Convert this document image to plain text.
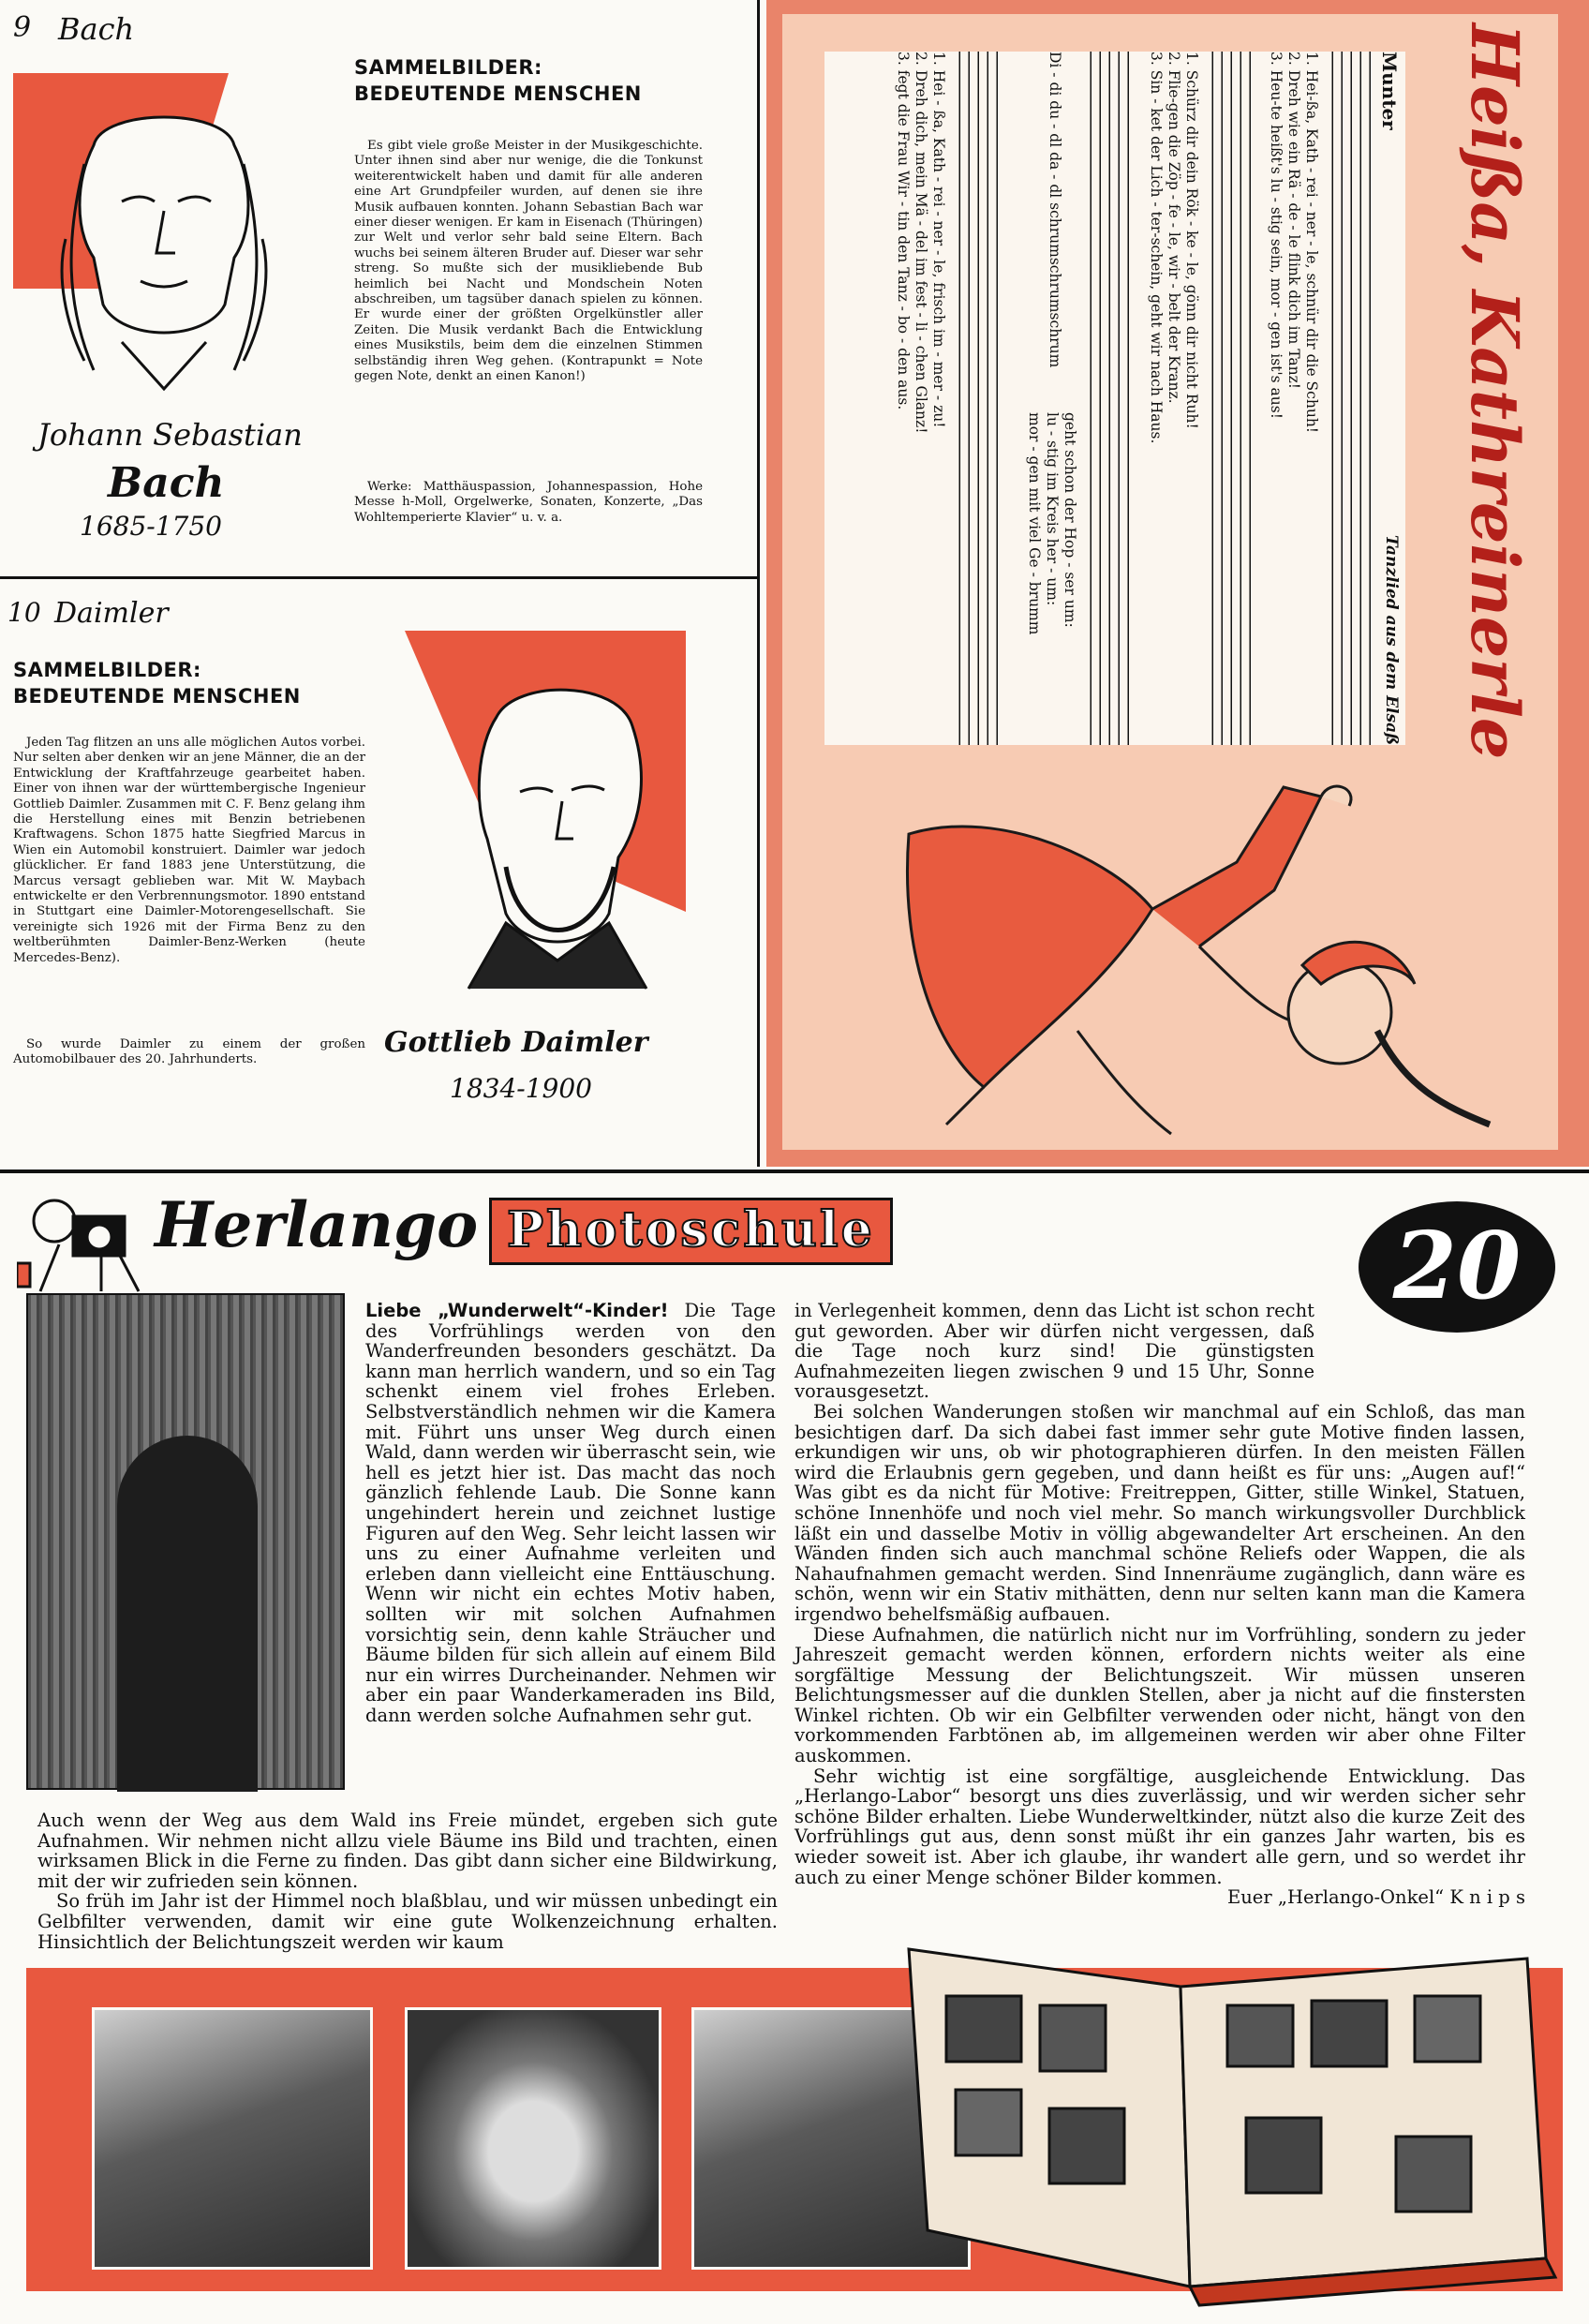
9 Bach
Johann Sebastian
Bach
1685-1750
SAMMELBILDER:
BEDEUTENDE MENSCHEN
Es gibt viele große Meister in der Musikgeschichte. Unter ihnen sind aber nur wenige, die die Tonkunst weiterentwickelt haben und damit für alle anderen eine Art Grundpfeiler wurden, auf denen sie ihre Musik aufbauen konnten. Johann Sebastian Bach war einer dieser wenigen. Er kam in Eisenach (Thüringen) zur Welt und verlor sehr bald seine Eltern. Bach wuchs bei seinem älteren Bruder auf. Dieser war sehr streng. So mußte sich der musikliebende Bub heimlich bei Nacht und Mondschein Noten abschreiben, um tagsüber danach spielen zu können. Er wurde einer der größten Orgelkünstler aller Zeiten. Die Musik verdankt Bach die Entwicklung eines Musikstils, beim dem die einzelnen Stimmen selbständig ihren Weg gehen. (Kontrapunkt = Note gegen Note, denkt an einen Kanon!)
Werke: Matthäuspassion, Johannespassion, Hohe Messe h-Moll, Orgelwerke, Sonaten, Konzerte, „Das Wohltemperierte Klavier“ u. v. a.
10 Daimler
SAMMELBILDER:
BEDEUTENDE MENSCHEN
Jeden Tag flitzen an uns alle möglichen Autos vorbei. Nur selten aber denken wir an jene Männer, die an der Entwicklung der Kraftfahrzeuge gearbeitet haben. Einer von ihnen war der württembergische Ingenieur Gottlieb Daimler. Zusammen mit C. F. Benz gelang ihm die Herstellung eines mit Benzin betriebenen Kraftwagens. Schon 1875 hatte Siegfried Marcus in Wien ein Automobil konstruiert. Daimler war jedoch glücklicher. Er fand 1883 jene Unterstützung, die Marcus versagt geblieben war. Mit W. Maybach entwickelte er den Verbrennungsmotor. 1890 entstand in Stuttgart eine Daimler-Motorengesellschaft. Sie vereinigte sich 1926 mit der Firma Benz zu den weltberühmten Daimler-Benz-Werken (heute Mercedes-Benz).
So wurde Daimler zu einem der großen Automobilbauer des 20. Jahrhunderts.
Gottlieb Daimler
1834-1900
Munter
Tanzlied aus dem Elsaß
1. Hei-ßa, Kath - rei - ner - le, schnür dir die Schuh!
2. Dreh wie ein Rä - de - le flink dich im Tanz!
3. Heu-te heißt's lu - stig sein, mor - gen ist's aus!
1. Schürz dir dein Rök - ke - le, gönn dir nicht Ruh!
2. Flie-gen die Zöp - fe - le, wir - belt der Kranz.
3. Sin - ket der Lich - ter-schein, geht wir nach Haus.
Di - di du - dl da - dl schrumschrumschrum
geht schon der Hop - ser um:
lu - stig im Kreis her - um:
mor - gen mit viel Ge - brumm
1. Hei - ßa, Kath - rei - ner - le, frisch im - mer - zu!
2. Dreh dich, mein Mä - del im fest - li - chen Glanz!
3. fegt die Frau Wir - tin den Tanz - bo - den aus.	Heißa, Kathreinerle
Herlango Photoschule	20
Liebe „Wunderwelt“-Kinder! Die Tage des Vorfrühlings werden von den Wanderfreunden besonders geschätzt. Da kann man herrlich wandern, und so ein Tag schenkt einem viel frohes Erleben. Selbstverständlich nehmen wir die Kamera mit. Führt uns unser Weg durch einen Wald, dann werden wir überrascht sein, wie hell es jetzt hier ist. Das macht das noch gänzlich fehlende Laub. Die Sonne kann ungehindert herein und zeichnet lustige Figuren auf den Weg. Sehr leicht lassen wir uns zu einer Aufnahme verleiten und erleben dann vielleicht eine Enttäuschung. Wenn wir nicht ein echtes Motiv haben, sollten wir mit solchen Aufnahmen vorsichtig sein, denn kahle Sträucher und Bäume bilden für sich allein auf einem Bild nur ein wirres Durcheinander. Nehmen wir aber ein paar Wanderkameraden ins Bild, dann werden solche Aufnahmen sehr gut.
Auch wenn der Weg aus dem Wald ins Freie mündet, ergeben sich gute Aufnahmen. Wir nehmen nicht allzu viele Bäume ins Bild und trachten, einen wirksamen Blick in die Ferne zu finden. Das gibt dann sicher eine Bildwirkung, mit der wir zufrieden sein können.
So früh im Jahr ist der Himmel noch blaßblau, und wir müssen unbedingt ein Gelbfilter verwenden, damit wir eine gute Wolkenzeichnung erhalten. Hinsichtlich der Belichtungszeit werden wir kaum
in Verlegenheit kommen, denn das Licht ist schon recht gut geworden. Aber wir dürfen nicht vergessen, daß die Tage noch kurz sind! Die günstigsten Aufnahmezeiten liegen zwischen 9 und 15 Uhr, Sonne vorausgesetzt.
Bei solchen Wanderungen stoßen wir manchmal auf ein Schloß, das man besichtigen darf. Da sich dabei fast immer sehr gute Motive finden lassen, erkundigen wir uns, ob wir photographieren dürfen. In den meisten Fällen wird die Erlaubnis gern gegeben, und dann heißt es für uns: „Augen auf!“ Was gibt es da nicht für Motive: Freitreppen, Gitter, stille Winkel, Statuen, schöne Innenhöfe und noch viel mehr. So manch wirkungsvoller Durchblick läßt ein und dasselbe Motiv in völlig abgewandelter Art erscheinen. An den Wänden finden sich auch manchmal schöne Reliefs oder Wappen, die als Nahaufnahmen gemacht werden. Sind Innenräume zugänglich, dann wäre es schön, wenn wir ein Stativ mithätten, denn nur selten kann man die Kamera irgendwo behelfsmäßig aufbauen.
Diese Aufnahmen, die natürlich nicht nur im Vorfrühling, sondern zu jeder Jahreszeit gemacht werden können, erfordern nichts weiter als eine sorgfältige Messung der Belichtungszeit. Wir müssen unseren Belichtungsmesser auf die dunklen Stellen, aber ja nicht auf die finstersten Winkel richten. Ob wir ein Gelbfilter verwenden oder nicht, hängt von den vorkommenden Farbtönen ab, im allgemeinen werden wir aber ohne Filter auskommen.
Sehr wichtig ist eine sorgfältige, ausgleichende Entwicklung. Das „Herlango-Labor“ besorgt uns dies zuverlässig, und wir werden sicher sehr schöne Bilder erhalten. Liebe Wunderweltkinder, nützt also die kurze Zeit des Vorfrühlings gut aus, denn sonst müßt ihr ein ganzes Jahr warten, bis es wieder soweit ist. Aber ich glaube, ihr wandert alle gern, und so werdet ihr auch zu einer Menge schöner Bilder kommen.
Euer „Herlango-Onkel“ K n i p s
